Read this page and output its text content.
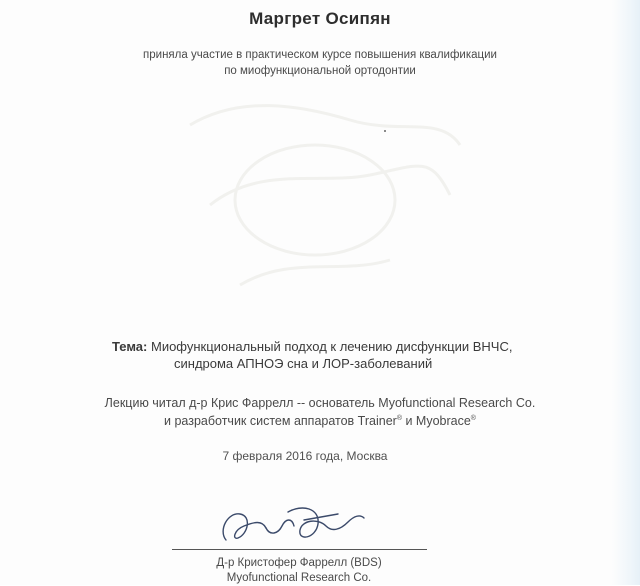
Маргрет Осипян
приняла участие в практическом курсе повышения квалификации
по миофункциональной ортодонтии
Тема: Миофункциональный подход к лечению дисфункции ВНЧС,
синдрома АПНОЭ сна и ЛОР-заболеваний
Лекцию читал д-р Крис Фаррелл -- основатель Myofunctional Research Co.
и разработчик систем аппаратов Trainer® и Myobrace®
7 февраля 2016 года, Москва
Д-р Кристофер Фаррелл (BDS)
Myofunctional Research Co.
